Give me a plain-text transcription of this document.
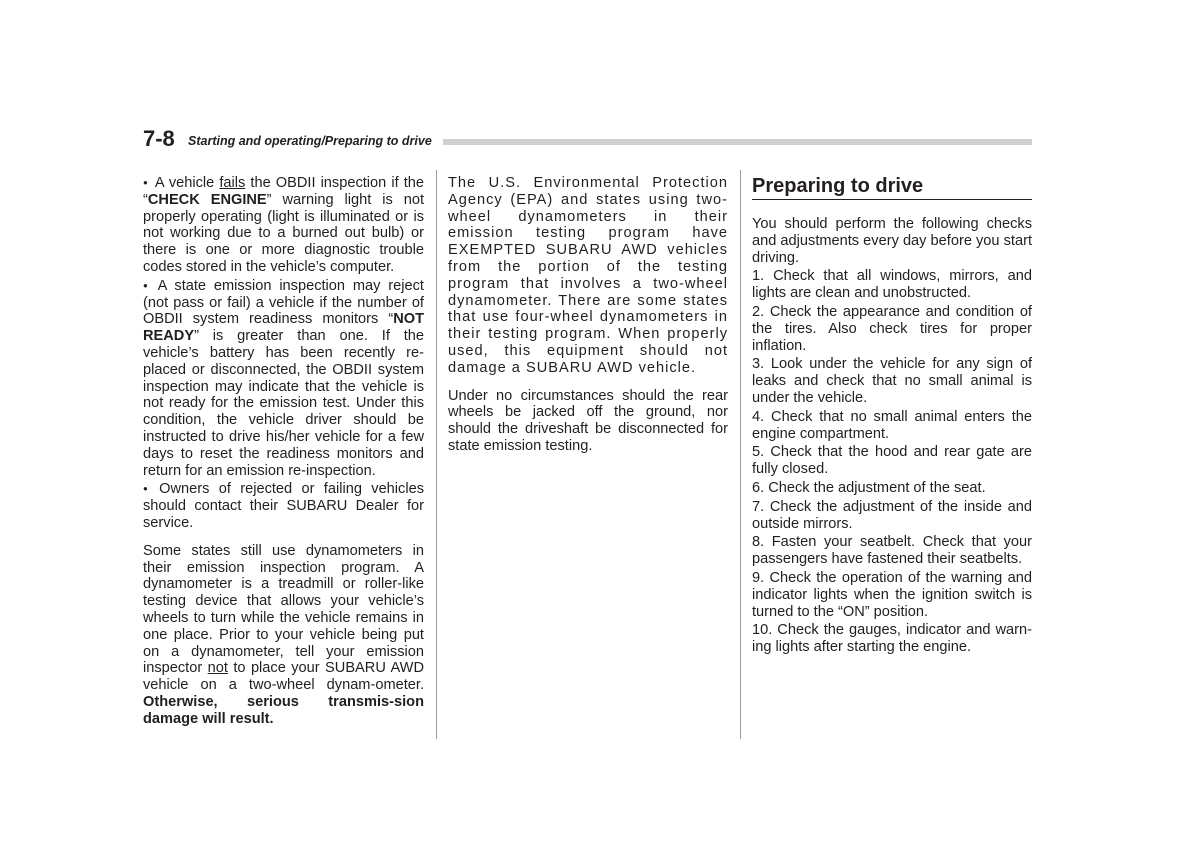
7-8 Starting and operating/Preparing to drive

● A vehicle fails the OBDII inspection if the “CHECK ENGINE” warning light is not properly operating (light is illuminated or is not working due to a burned out bulb) or there is one or more diagnostic trouble codes stored in the vehicle’s computer.

● A state emission inspection may reject (not pass or fail) a vehicle if the number of OBDII system readiness monitors “NOT READY” is greater than one. If the vehicle’s battery has been recently re-placed or disconnected, the OBDII system inspection may indicate that the vehicle is not ready for the emission test. Under this condition, the vehicle driver should be instructed to drive his/her vehicle for a few days to reset the readiness monitors and return for an emission re-inspection.

● Owners of rejected or failing vehicles should contact their SUBARU Dealer for service.

Some states still use dynamometers in their emission inspection program. A dynamometer is a treadmill or roller-like testing device that allows your vehicle’s wheels to turn while the vehicle remains in one place. Prior to your vehicle being put on a dynamometer, tell your emission inspector not to place your SUBARU AWD vehicle on a two-wheel dynam-ometer. Otherwise, serious transmis-sion damage will result.

The U.S. Environmental Protection Agency (EPA) and states using two-wheel dynamometers in their emission testing program have EXEMPTED SUBARU AWD vehicles from the portion of the testing program that involves a two-wheel dynamometer. There are some states that use four-wheel dynamometers in their testing program. When properly used, this equipment should not damage a SUBARU AWD vehicle.

Under no circumstances should the rear wheels be jacked off the ground, nor should the driveshaft be disconnected for state emission testing.

Preparing to drive

You should perform the following checks and adjustments every day before you start driving.

1. Check that all windows, mirrors, and lights are clean and unobstructed.

2. Check the appearance and condition of the tires. Also check tires for proper inflation.

3. Look under the vehicle for any sign of leaks and check that no small animal is under the vehicle.

4. Check that no small animal enters the engine compartment.

5. Check that the hood and rear gate are fully closed.

6. Check the adjustment of the seat.

7. Check the adjustment of the inside and outside mirrors.

8. Fasten your seatbelt. Check that your passengers have fastened their seatbelts.

9. Check the operation of the warning and indicator lights when the ignition switch is turned to the “ON” position.

10. Check the gauges, indicator and warn-ing lights after starting the engine.
